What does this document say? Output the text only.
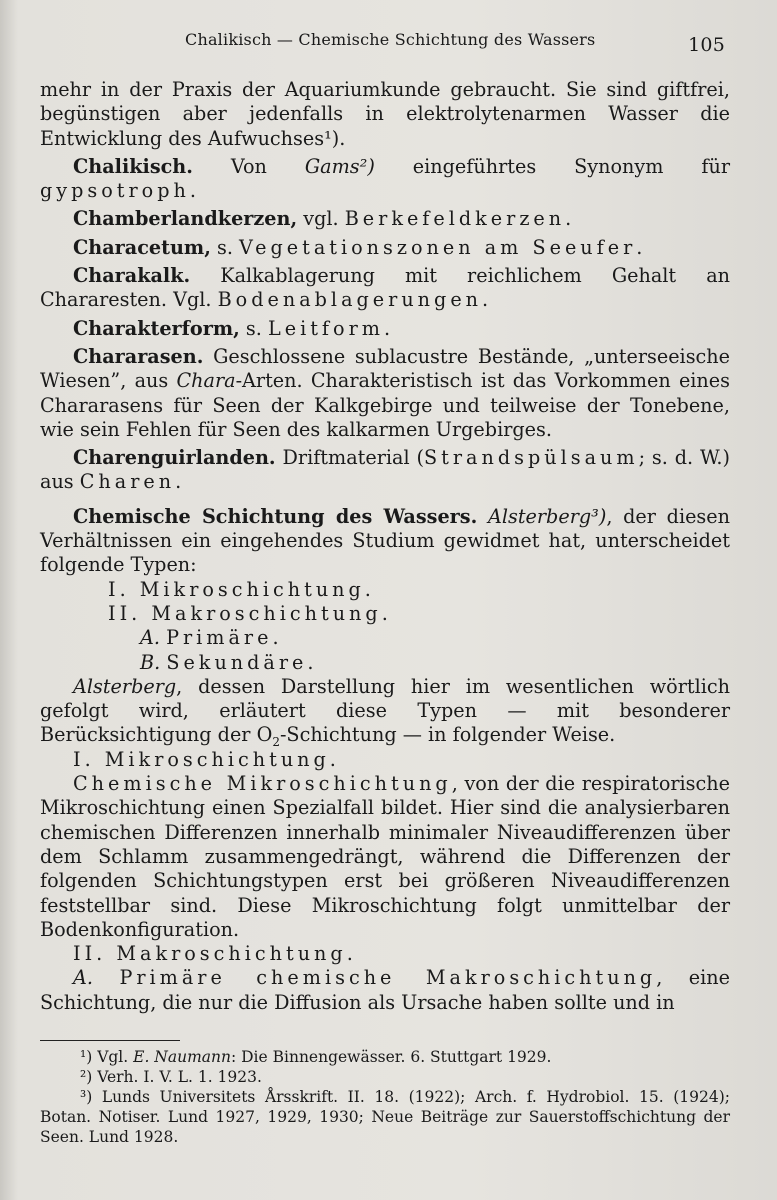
Chalikisch — Chemische Schichtung des Wassers	105

mehr in der Praxis der Aquariumkunde gebraucht. Sie sind giftfrei, begünstigen aber jedenfalls in elektrolytenarmen Wasser die Entwicklung des Aufwuchses¹).

Chalikisch. Von Gams²) eingeführtes Synonym für gypsotroph.

Chamberlandkerzen, vgl. Berkefeldkerzen.

Characetum, s. Vegetationszonen am Seeufer.

Charakalk. Kalkablagerung mit reichlichem Gehalt an Chararesten. Vgl. Bodenablagerungen.

Charakterform, s. Leitform.

Chararasen. Geschlossene sublacustre Bestände, „unterseeische Wiesen”, aus Chara-Arten. Charakteristisch ist das Vorkommen eines Chararasens für Seen der Kalkgebirge und teilweise der Tonebene, wie sein Fehlen für Seen des kalkarmen Urgebirges.

Charenguirlanden. Driftmaterial (Strandspülsaum; s. d. W.) aus Charen.

Chemische Schichtung des Wassers. Alsterberg³), der diesen Verhältnissen ein eingehendes Studium gewidmet hat, unterscheidet folgende Typen:

I. Mikroschichtung.

II. Makroschichtung.

A. Primäre.

B. Sekundäre.

Alsterberg, dessen Darstellung hier im wesentlichen wörtlich gefolgt wird, erläutert diese Typen — mit besonderer Berücksichtigung der $O_2$-Schichtung — in folgender Weise.

I. Mikroschichtung.

Chemische Mikroschichtung, von der die respiratorische Mikroschichtung einen Spezialfall bildet. Hier sind die analysierbaren chemischen Differenzen innerhalb minimaler Niveaudifferenzen über dem Schlamm zusammengedrängt, während die Differenzen der folgenden Schichtungstypen erst bei größeren Niveaudifferenzen feststellbar sind. Diese Mikroschichtung folgt unmittelbar der Bodenkonfiguration.

II. Makroschichtung.

A. Primäre chemische Makroschichtung, eine Schichtung, die nur die Diffusion als Ursache haben sollte und in

¹) Vgl. E. Naumann: Die Binnengewässer. 6. Stuttgart 1929.

²) Verh. I. V. L. 1. 1923.

³) Lunds Universitets Årsskrift. II. 18. (1922); Arch. f. Hydrobiol. 15. (1924); Botan. Notiser. Lund 1927, 1929, 1930; Neue Beiträge zur Sauerstoffschichtung der Seen. Lund 1928.
